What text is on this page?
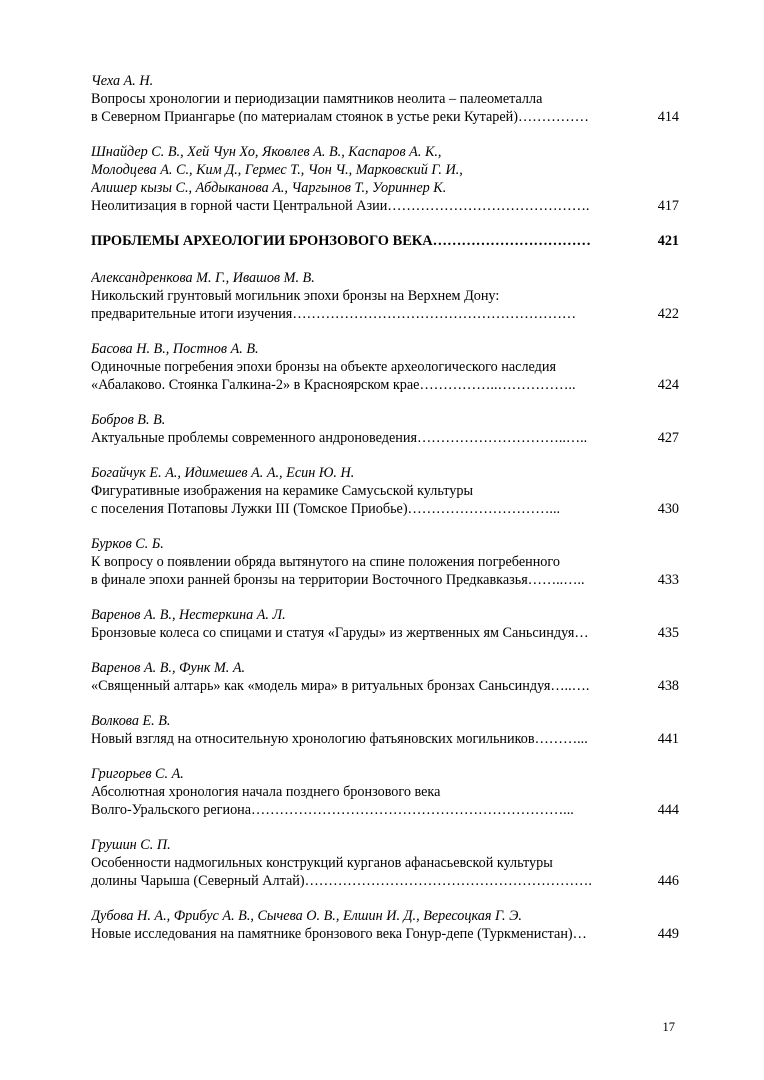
Чеха А. Н.
Вопросы хронологии и периодизации памятников неолита – палеометалла
в Северном Приангарье (по материалам стоянок в устье реки Кутарей)……………	414
Шнайдер С. В., Хей Чун Хо, Яковлев А. В., Каспаров А. К.,
Молодцева А. С., Ким Д., Гермес Т., Чон Ч., Марковский Г. И.,
Алишер кызы С., Абдыканова А., Чаргынов Т., Уориннер К.
Неолитизация в горной части Центральной Азии…………………………………….	417
ПРОБЛЕМЫ АРХЕОЛОГИИ БРОНЗОВОГО ВЕКА……………………………	421
Александренкова М. Г., Ивашов М. В.
Никольский грунтовый могильник эпохи бронзы на Верхнем Дону:
предварительные итоги изучения……………………………………………………	422
Басова Н. В., Постнов А. В.
Одиночные погребения эпохи бронзы на объекте археологического наследия
«Абалаково. Стоянка Галкина-2» в Красноярском крае……………..……………..	424
Бобров В. В.
Актуальные проблемы современного андроноведения…………………………..…..	427
Богайчук Е. А., Идимешев А. А., Есин Ю. Н.
Фигуративные изображения на керамике Самусьской культуры
с поселения Потаповы Лужки III (Томское Приобье)…………………………...	430
Бурков С. Б.
К вопросу о появлении обряда вытянутого на спине положения погребенного
в финале эпохи ранней бронзы на территории Восточного Предкавказья……..…..	433
Варенов А. В., Нестеркина А. Л.
Бронзовые колеса со спицами и статуя «Гаруды» из жертвенных ям Саньсиндуя…	435
Варенов А. В., Функ М. А.
«Священный алтарь» как «модель мира» в ритуальных бронзах Саньсиндуя…..….	438
Волкова Е. В.
Новый взгляд на относительную хронологию фатьяновских могильников………...	441
Григорьев С. А.
Абсолютная хронология начала позднего бронзового века
Волго-Уральского региона…………………………………………………………...	444
Грушин С. П.
Особенности надмогильных конструкций курганов афанасьевской культуры
долины Чарыша (Северный Алтай)…………………………………………………….	446
Дубова Н. А., Фрибус А. В., Сычева О. В., Елшин И. Д., Вересоцкая Г. Э.
Новые исследования на памятнике бронзового века Гонур-депе (Туркменистан)…	449
17
